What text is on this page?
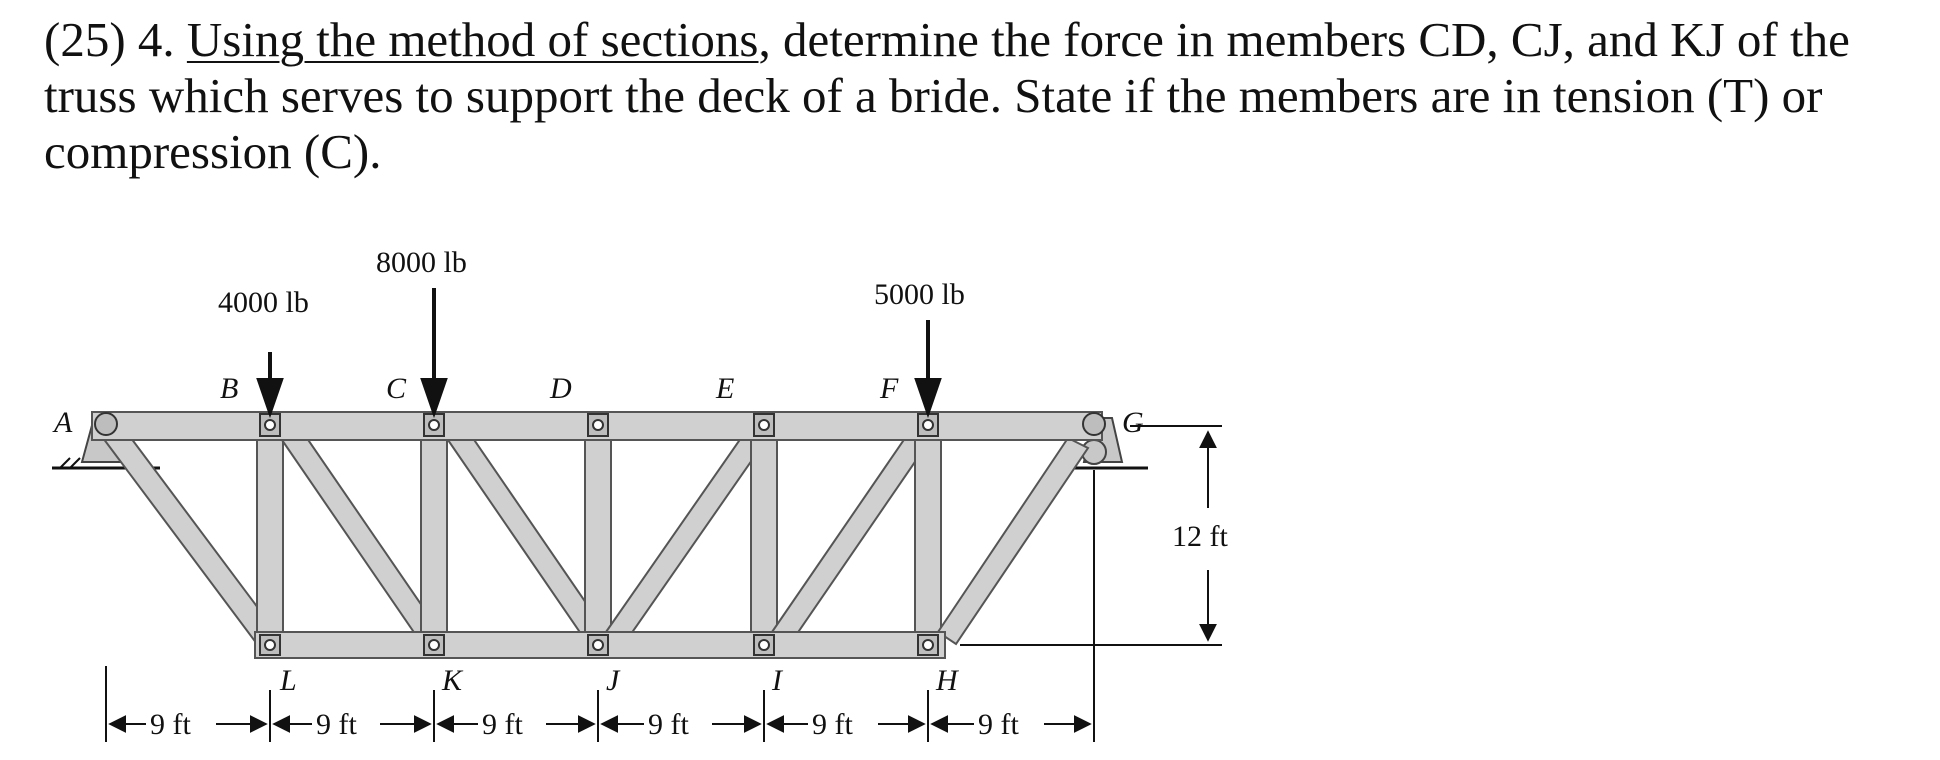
(25) 4. Using the method of sections, determine the force in members CD, CJ, and KJ of the truss which serves to support the deck of a bride. State if the members are in tension (T) or compression (C).

4000 lb
8000 lb
5000 lb
A
B	C	D	E	F
G
L	K	J	I	H
12 ft
9 ft	9 ft	9 ft	9 ft	9 ft	9 ft
